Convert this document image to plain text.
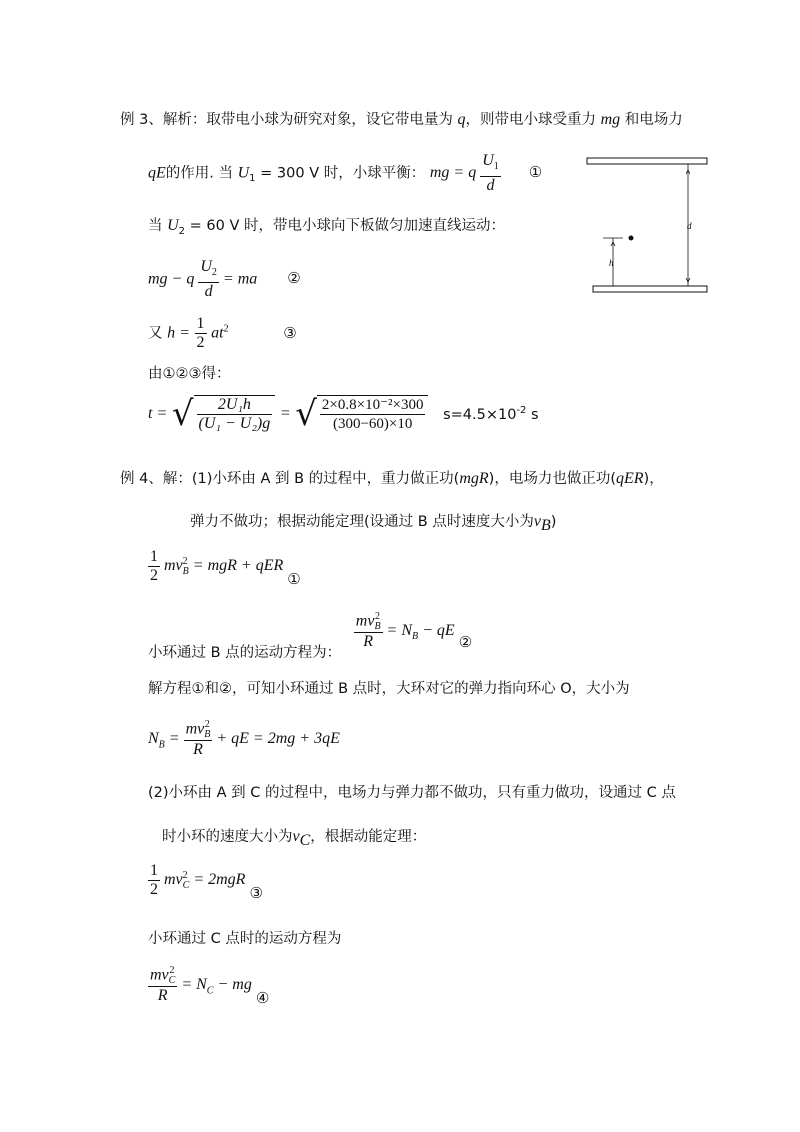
例 3、解析：取带电小球为研究对象，设它带电量为 q，则带电小球受重力 mg 和电场力
qE的作用. 当 $U_1 = 300$ V 时，小球平衡： mg = q $\frac{U_1}{d}$ ①
当 $U_2 = 60$ V 时，带电小球向下板做匀加速直线运动：
mg − q $\frac{U_2}{d}$ = ma ②
又 $h = \frac{1}{2} at^2$	③
由①②③得：
t = √ $\frac{\text{2U₁h}}{\text{(U₁ − U₂)g}}$ = √ $\frac{\text{2×0.8×10⁻²×300}}{(300-60)\times 10} s=4.5\times 10^{-2}$ s
d
h
例 4、解：(1)小环由 A 到 B 的过程中，重力做正功(mgR)，电场力也做正功(qER)，
弹力不做功；根据动能定理(设通过 B 点时速度大小为$v_B$)
$\frac{1}{2}$ mv 2
B = mgR + qER ①
小环通过 B 点的运动方程为：
mv 2
B
$R = N_B$ − qE ②
解方程①和②，可知小环通过 B 点时，大环对它的弹力指向环心 O，大小为
$N_B$ = mv 2
B
R + qE = 2mg + 3qE
(2)小环由 A 到 C 的过程中，电场力与弹力都不做功，只有重力做功，设通过 C 点
时小环的速度大小为$v_C$，根据动能定理：
$\frac{1}{2}$ mv 2
C = 2mgR ③
小环通过 C 点时的运动方程为
mv 2
C
$R = N_C$ − mg ④
